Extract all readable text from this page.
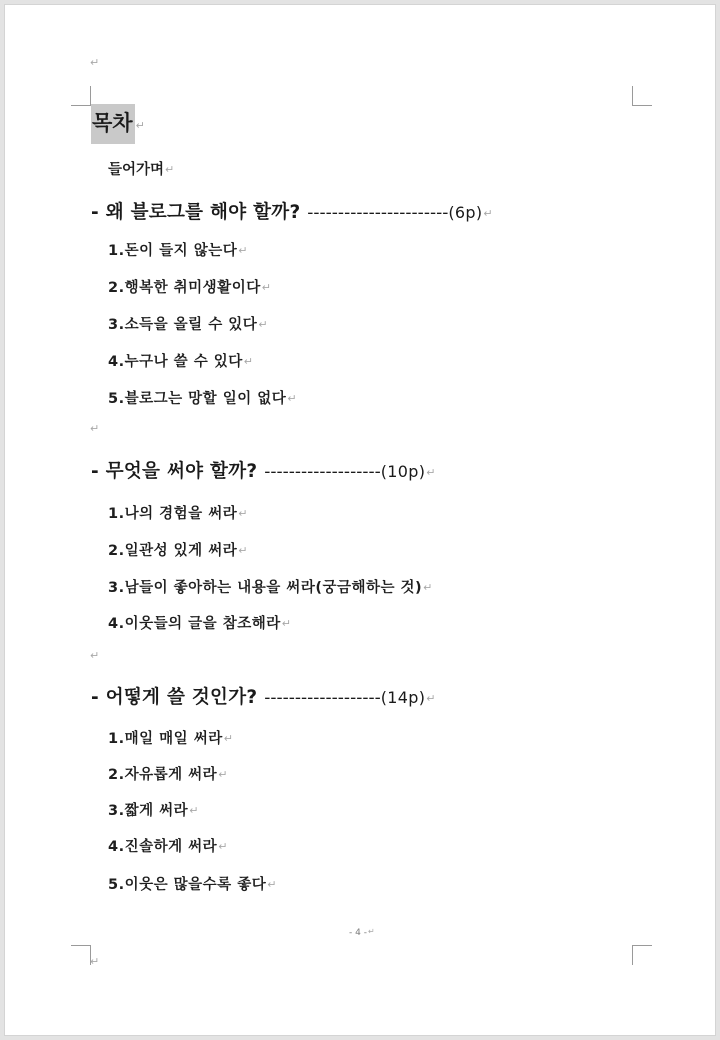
↵
↵
목차 ↵
들어가며↵
- 왜 블로그를 해야 할까? -----------------------(6p)↵
1.돈이 들지 않는다↵
2.행복한 취미생활이다↵
3.소득을 올릴 수 있다↵
4.누구나 쓸 수 있다↵
5.블로그는 망할 일이 없다↵
↵
- 무엇을 써야 할까? -------------------(10p)↵
1.나의 경험을 써라↵
2.일관성 있게 써라↵
3.남들이 좋아하는 내용을 써라(궁금해하는 것)↵
4.이웃들의 글을 참조해라↵
↵
- 어떻게 쓸 것인가? -------------------(14p)↵
1.매일 매일 써라↵
2.자유롭게 써라↵
3.짧게 써라↵
4.진솔하게 써라↵
5.이웃은 많을수록 좋다↵
- 4 -↵
